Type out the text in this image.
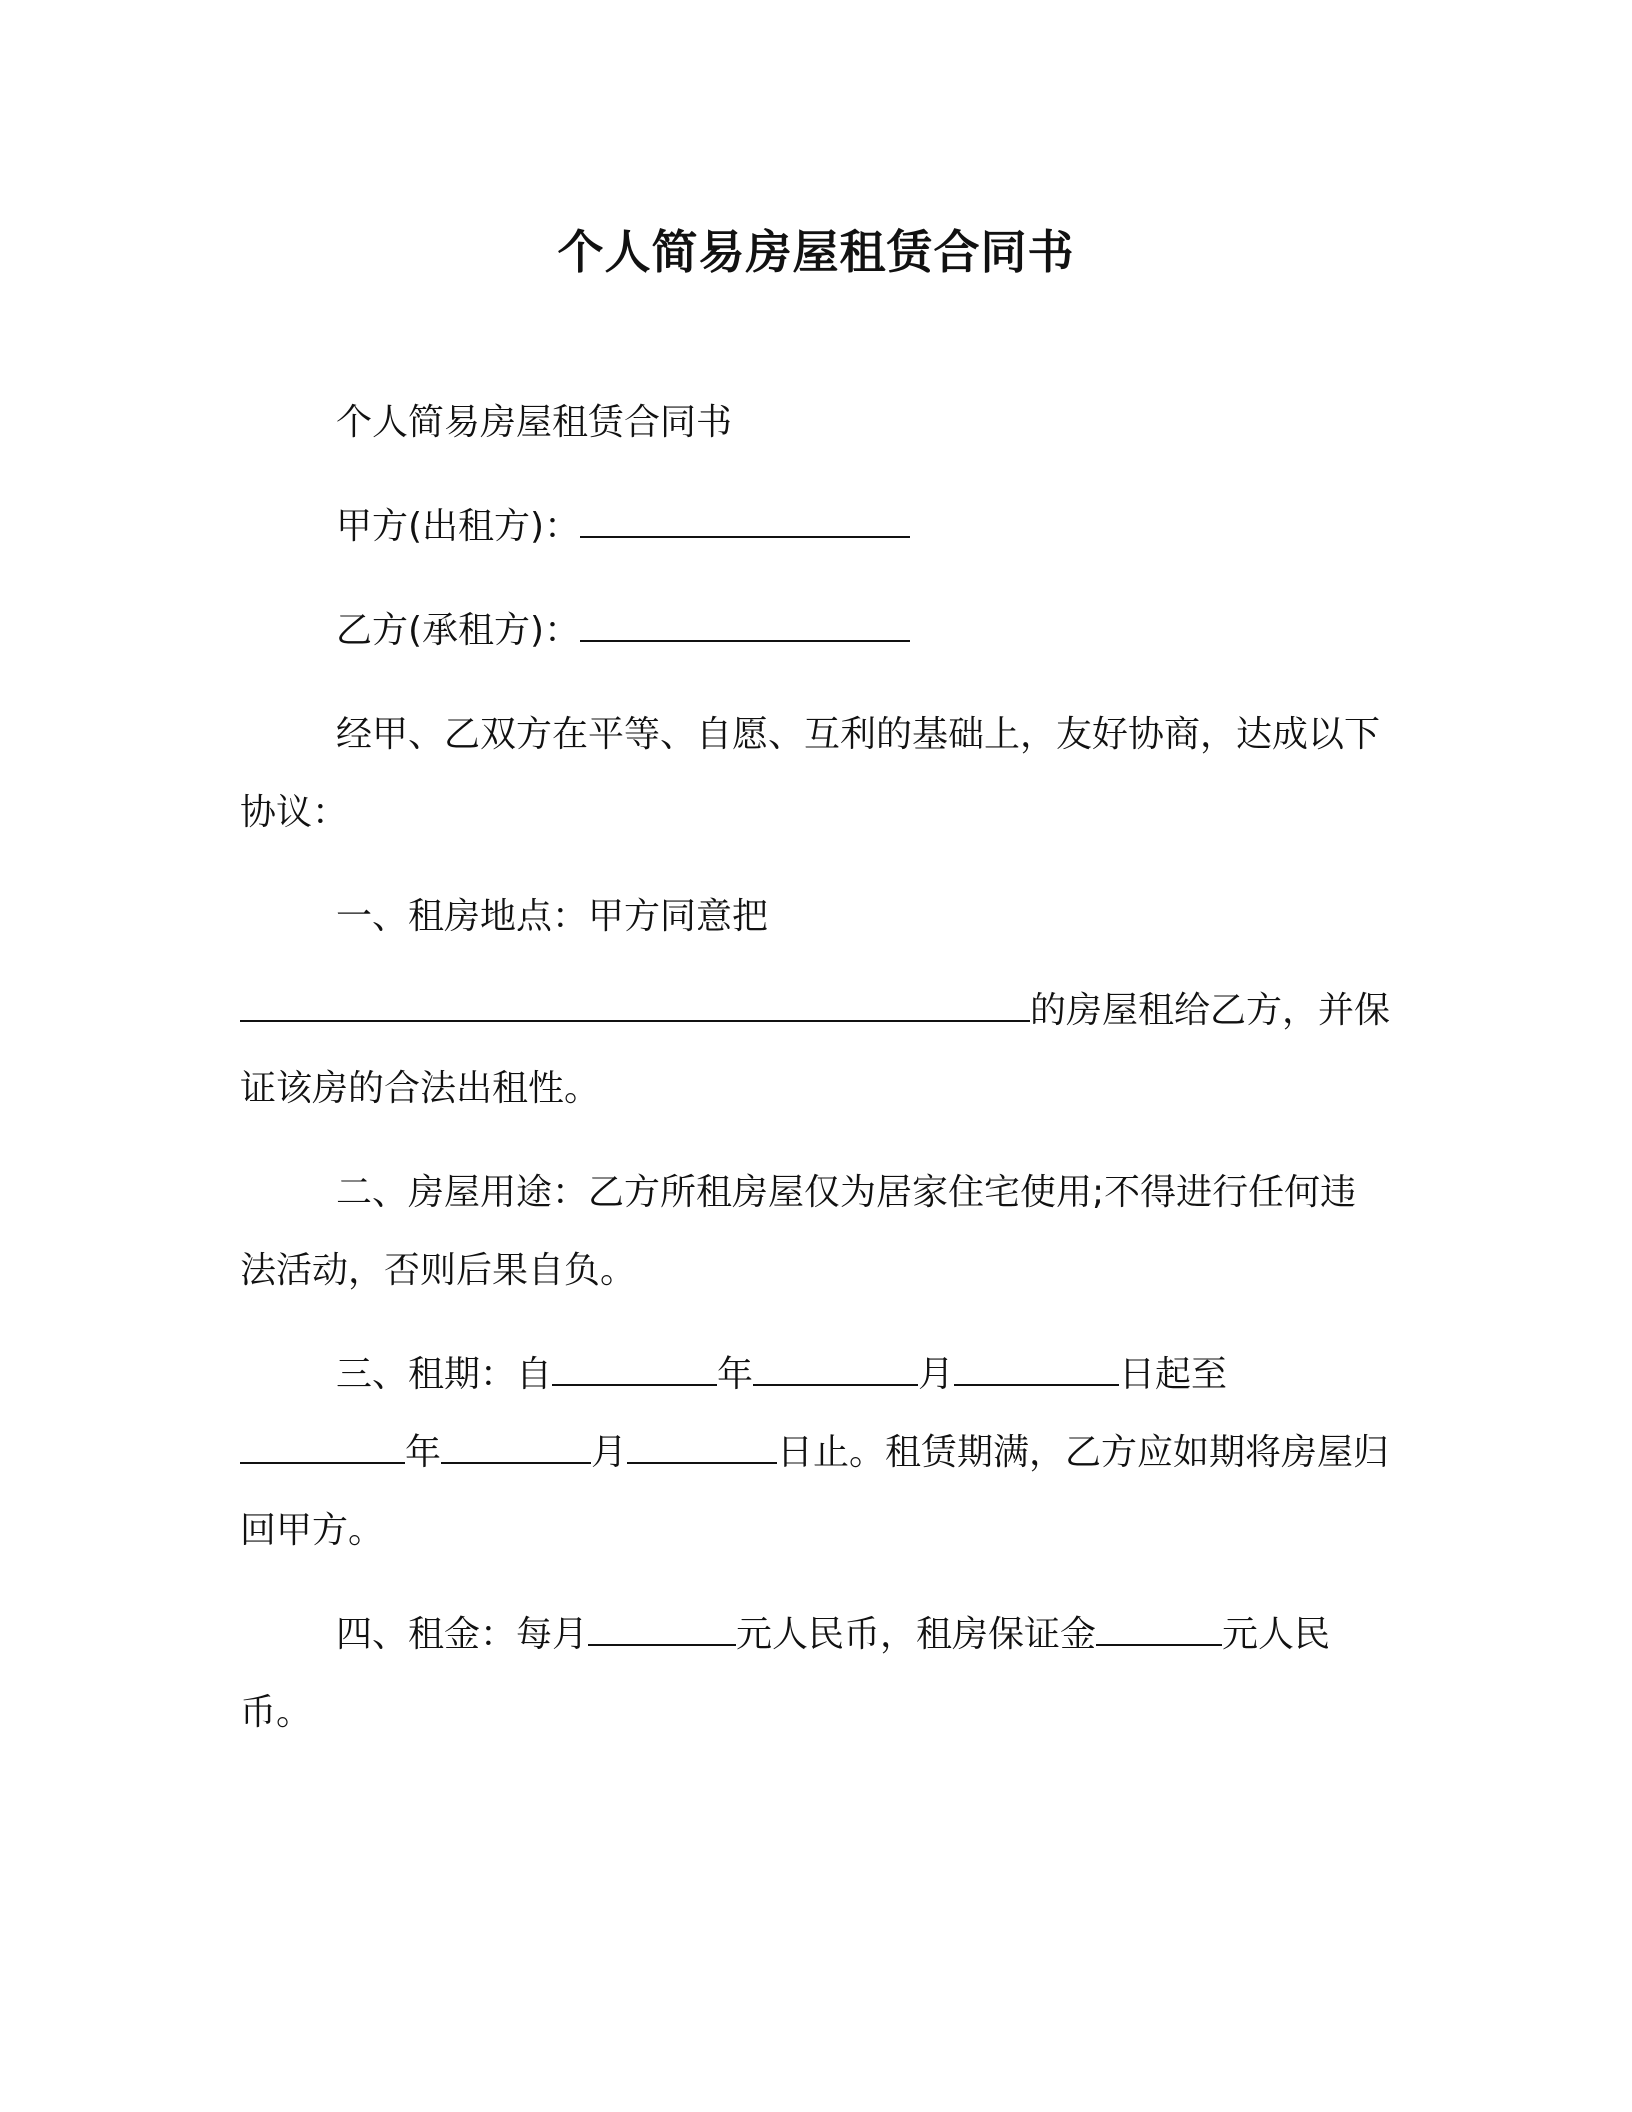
个人简易房屋租赁合同书

个人简易房屋租赁合同书

甲方(出租方)：

乙方(承租方)：

经甲、乙双方在平等、自愿、互利的基础上，友好协商，达成以下协议：

一、租房地点：甲方同意把

的房屋租给乙方，并保证该房的合法出租性。

二、房屋用途：乙方所租房屋仅为居家住宅使用;不得进行任何违法活动，否则后果自负。

三、租期：自	年	月	日起至年	月	日止。租赁期满，乙方应如期将房屋归回甲方。

四、租金：每月	元人民币，租房保证金	元人民币。
